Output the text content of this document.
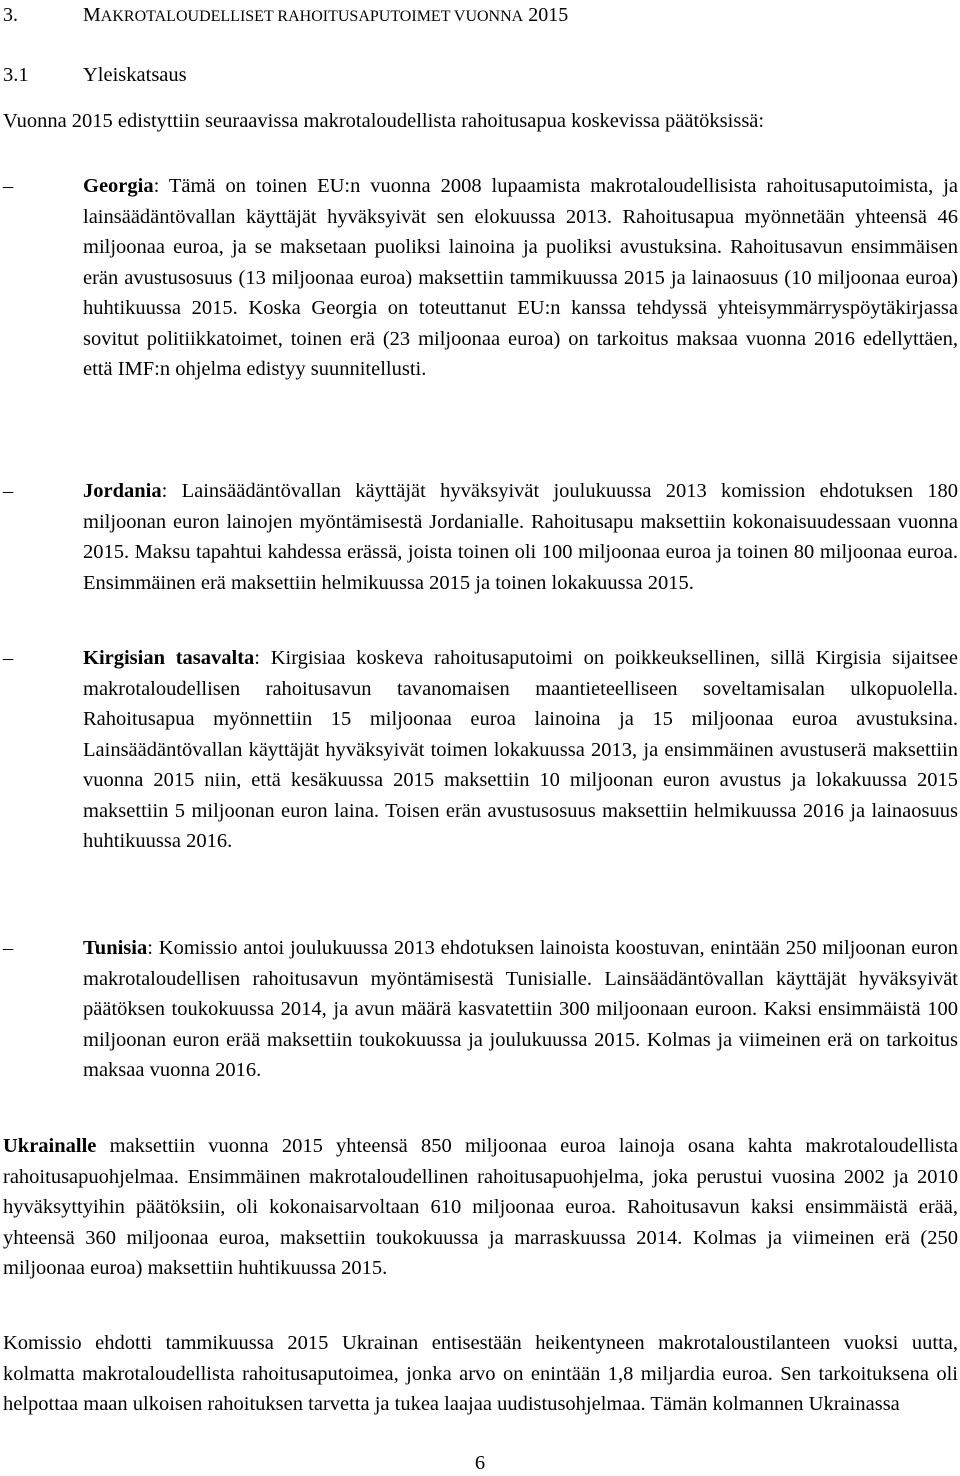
3.	MAKROTALOUDELLISET RAHOITUSAPUTOIMET VUONNA 2015
3.1	Yleiskatsaus

Vuonna 2015 edistyttiin seuraavissa makrotaloudellista rahoitusapua koskevissa päätöksissä:

–	Georgia: Tämä on toinen EU:n vuonna 2008 lupaamista makrotaloudellisista rahoitusaputoimista, ja lainsäädäntövallan käyttäjät hyväksyivät sen elokuussa 2013. Rahoitusapua myönnetään yhteensä 46 miljoonaa euroa, ja se maksetaan puoliksi lainoina ja puoliksi avustuksina. Rahoitusavun ensimmäisen erän avustusosuus (13 miljoonaa euroa) maksettiin tammikuussa 2015 ja lainaosuus (10 miljoonaa euroa) huhtikuussa 2015. Koska Georgia on toteuttanut EU:n kanssa tehdyssä yhteisymmärryspöytäkirjassa sovitut politiikkatoimet, toinen erä (23 miljoonaa euroa) on tarkoitus maksaa vuonna 2016 edellyttäen, että IMF:n ohjelma edistyy suunnitellusti.
–	Jordania: Lainsäädäntövallan käyttäjät hyväksyivät joulukuussa 2013 komission ehdotuksen 180 miljoonan euron lainojen myöntämisestä Jordanialle. Rahoitusapu maksettiin kokonaisuudessaan vuonna 2015. Maksu tapahtui kahdessa erässä, joista toinen oli 100 miljoonaa euroa ja toinen 80 miljoonaa euroa. Ensimmäinen erä maksettiin helmikuussa 2015 ja toinen lokakuussa 2015.
–	Kirgisian tasavalta: Kirgisiaa koskeva rahoitusaputoimi on poikkeuksellinen, sillä Kirgisia sijaitsee makrotaloudellisen rahoitusavun tavanomaisen maantieteelliseen soveltamisalan ulkopuolella. Rahoitusapua myönnettiin 15 miljoonaa euroa lainoina ja 15 miljoonaa euroa avustuksina. Lainsäädäntövallan käyttäjät hyväksyivät toimen lokakuussa 2013, ja ensimmäinen avustuserä maksettiin vuonna 2015 niin, että kesäkuussa 2015 maksettiin 10 miljoonan euron avustus ja lokakuussa 2015 maksettiin 5 miljoonan euron laina. Toisen erän avustusosuus maksettiin helmikuussa 2016 ja lainaosuus huhtikuussa 2016.
–	Tunisia: Komissio antoi joulukuussa 2013 ehdotuksen lainoista koostuvan, enintään 250 miljoonan euron makrotaloudellisen rahoitusavun myöntämisestä Tunisialle. Lainsäädäntövallan käyttäjät hyväksyivät päätöksen toukokuussa 2014, ja avun määrä kasvatettiin 300 miljoonaan euroon. Kaksi ensimmäistä 100 miljoonan euron erää maksettiin toukokuussa ja joulukuussa 2015. Kolmas ja viimeinen erä on tarkoitus maksaa vuonna 2016.

Ukrainalle maksettiin vuonna 2015 yhteensä 850 miljoonaa euroa lainoja osana kahta makrotaloudellista rahoitusapuohjelmaa. Ensimmäinen makrotaloudellinen rahoitusapuohjelma, joka perustui vuosina 2002 ja 2010 hyväksyttyihin päätöksiin, oli kokonaisarvoltaan 610 miljoonaa euroa. Rahoitusavun kaksi ensimmäistä erää, yhteensä 360 miljoonaa euroa, maksettiin toukokuussa ja marraskuussa 2014. Kolmas ja viimeinen erä (250 miljoonaa euroa) maksettiin huhtikuussa 2015.

Komissio ehdotti tammikuussa 2015 Ukrainan entisestään heikentyneen makrotaloustilanteen vuoksi uutta, kolmatta makrotaloudellista rahoitusaputoimea, jonka arvo on enintään 1,8 miljardia euroa. Sen tarkoituksena oli helpottaa maan ulkoisen rahoituksen tarvetta ja tukea laajaa uudistusohjelmaa. Tämän kolmannen Ukrainassa

6
